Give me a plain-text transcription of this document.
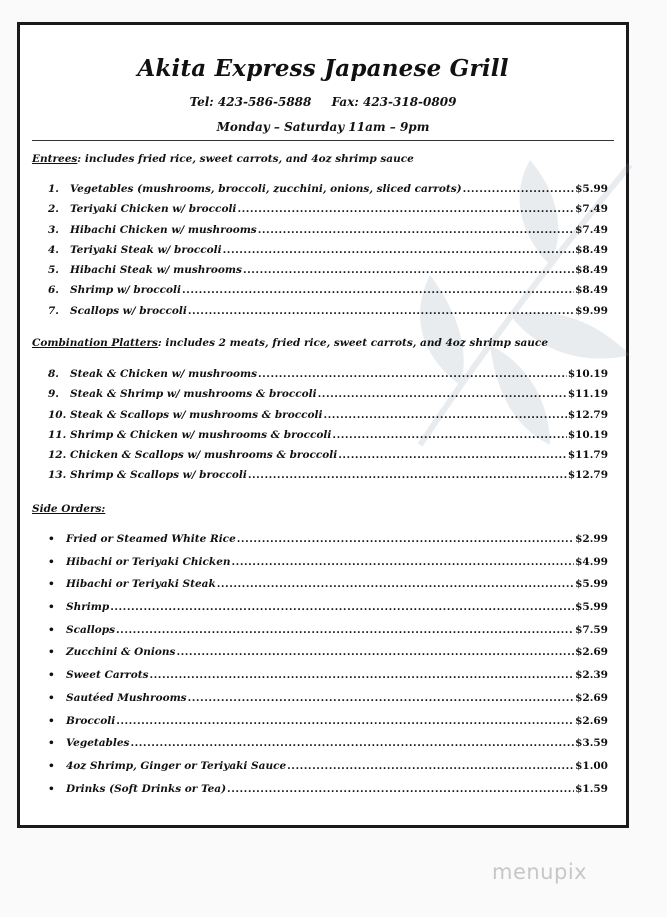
Akita Express Japanese Grill
Tel: 423-586-5888 Fax: 423-318-0809
Monday – Saturday 11am – 9pm
Entrees: includes fried rice, sweet carrots, and 4oz shrimp sauce
1.	Vegetables (mushrooms, broccoli, zucchini, onions, sliced carrots) .....	$5.99
2.	Teriyaki Chicken w/ broccoli .....	$7.49
3.	Hibachi Chicken w/ mushrooms .....	$7.49
4.	Teriyaki Steak w/ broccoli .....	$8.49
5.	Hibachi Steak w/ mushrooms .....	$8.49
6.	Shrimp w/ broccoli .....	$8.49
7.	Scallops w/ broccoli .....	$9.99
Combination Platters: includes 2 meats, fried rice, sweet carrots, and 4oz shrimp sauce
8.	Steak & Chicken w/ mushrooms .....	$10.19
9.	Steak & Shrimp w/ mushrooms & broccoli .....	$11.19
10. Steak & Scallops w/ mushrooms & broccoli .....	$12.79
11. Shrimp & Chicken w/ mushrooms & broccoli .....	$10.19
12. Chicken & Scallops w/ mushrooms & broccoli .....	$11.79
13. Shrimp & Scallops w/ broccoli .....	$12.79
Side Orders:
•	Fried or Steamed White Rice .....	$2.99
•	Hibachi or Teriyaki Chicken .....	$4.99
•	Hibachi or Teriyaki Steak .....	$5.99
•	Shrimp .....	$5.99
•	Scallops .....	$7.59
•	Zucchini & Onions .....	$2.69
•	Sweet Carrots .....	$2.39
•	Sautéed Mushrooms .....	$2.69
•	Broccoli .....	$2.69
•	Vegetables .....	$3.59
•	4oz Shrimp, Ginger or Teriyaki Sauce .....	$1.00
•	Drinks (Soft Drinks or Tea) .....	$1.59
menupix
